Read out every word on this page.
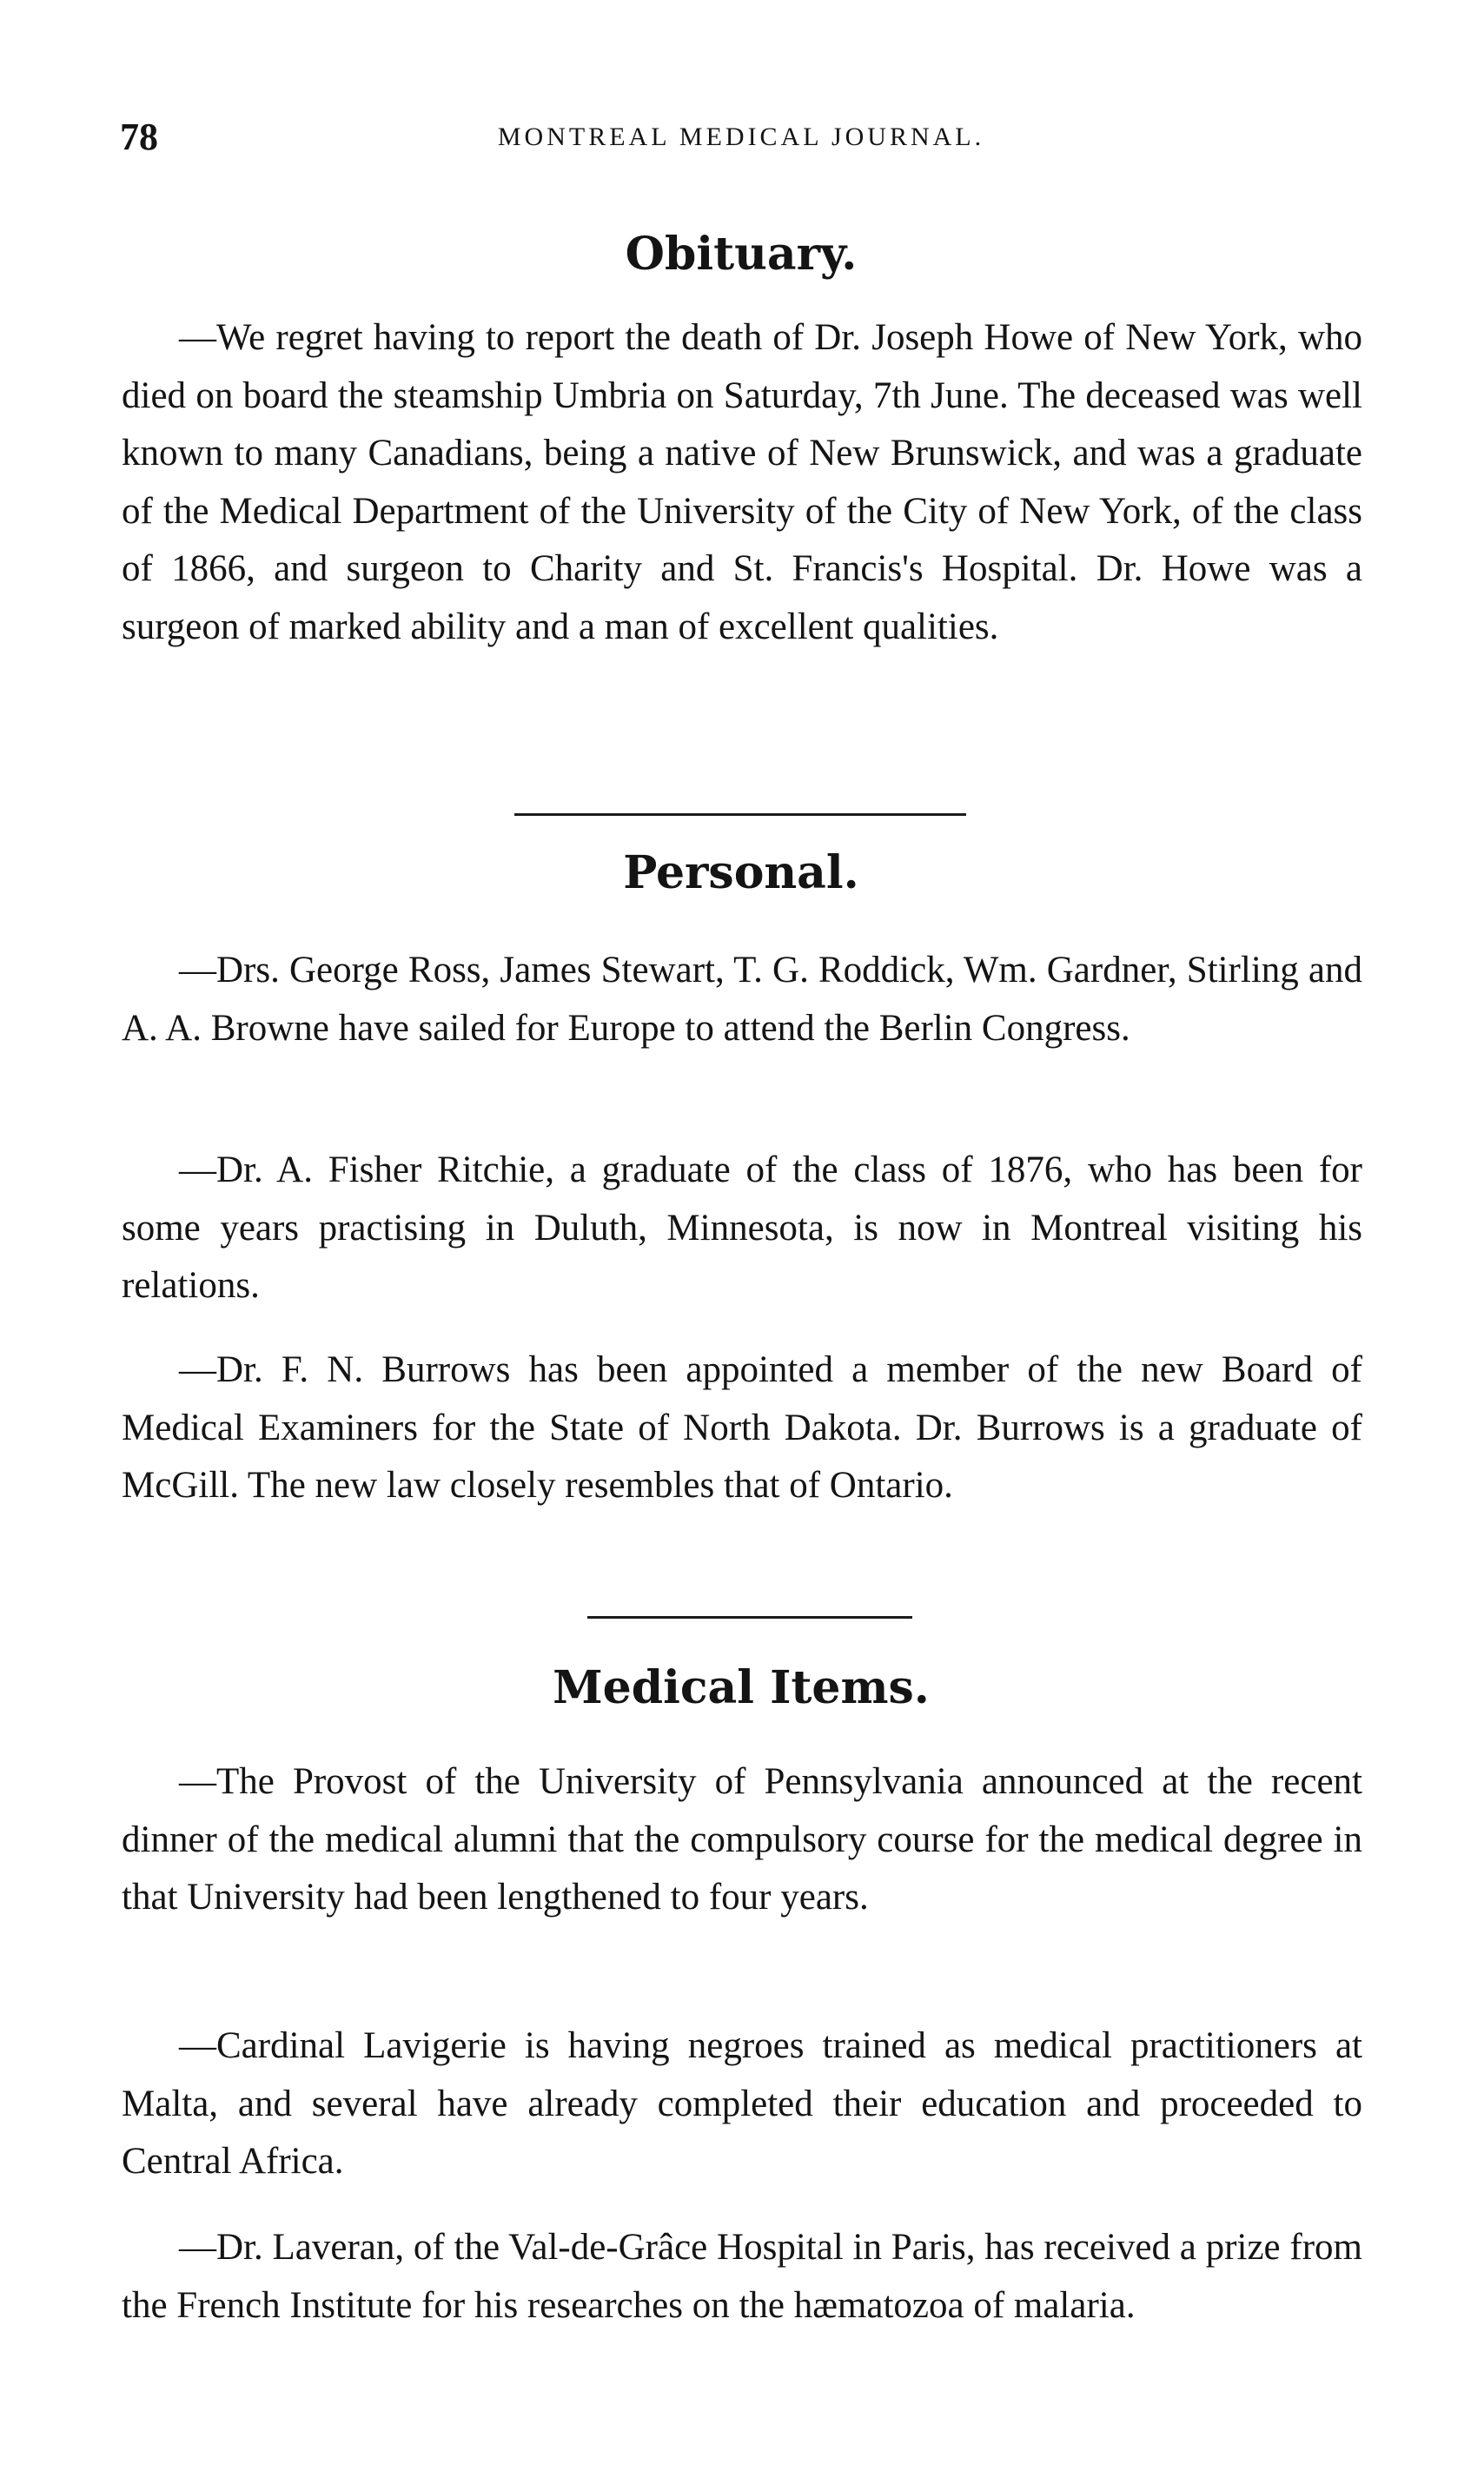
78	MONTREAL MEDICAL JOURNAL.
Obituary.

—We regret having to report the death of Dr. Joseph Howe of New York, who died on board the steamship Umbria on Saturday, 7th June. The deceased was well known to many Canadians, being a native of New Brunswick, and was a graduate of the Medical Department of the University of the City of New York, of the class of 1866, and surgeon to Charity and St. Francis's Hospital. Dr. Howe was a surgeon of marked ability and a man of excellent qualities.

Personal.

—Drs. George Ross, James Stewart, T. G. Roddick, Wm. Gardner, Stirling and A. A. Browne have sailed for Europe to attend the Berlin Congress.

—Dr. A. Fisher Ritchie, a graduate of the class of 1876, who has been for some years practising in Duluth, Minnesota, is now in Montreal visiting his relations.

—Dr. F. N. Burrows has been appointed a member of the new Board of Medical Examiners for the State of North Dakota. Dr. Burrows is a graduate of McGill. The new law closely resembles that of Ontario.

Medical Items.

—The Provost of the University of Pennsylvania announced at the recent dinner of the medical alumni that the compulsory course for the medical degree in that University had been lengthened to four years.

—Cardinal Lavigerie is having negroes trained as medical practitioners at Malta, and several have already completed their education and proceeded to Central Africa.

—Dr. Laveran, of the Val-de-Grâce Hospital in Paris, has received a prize from the French Institute for his researches on the hæmatozoa of malaria.
